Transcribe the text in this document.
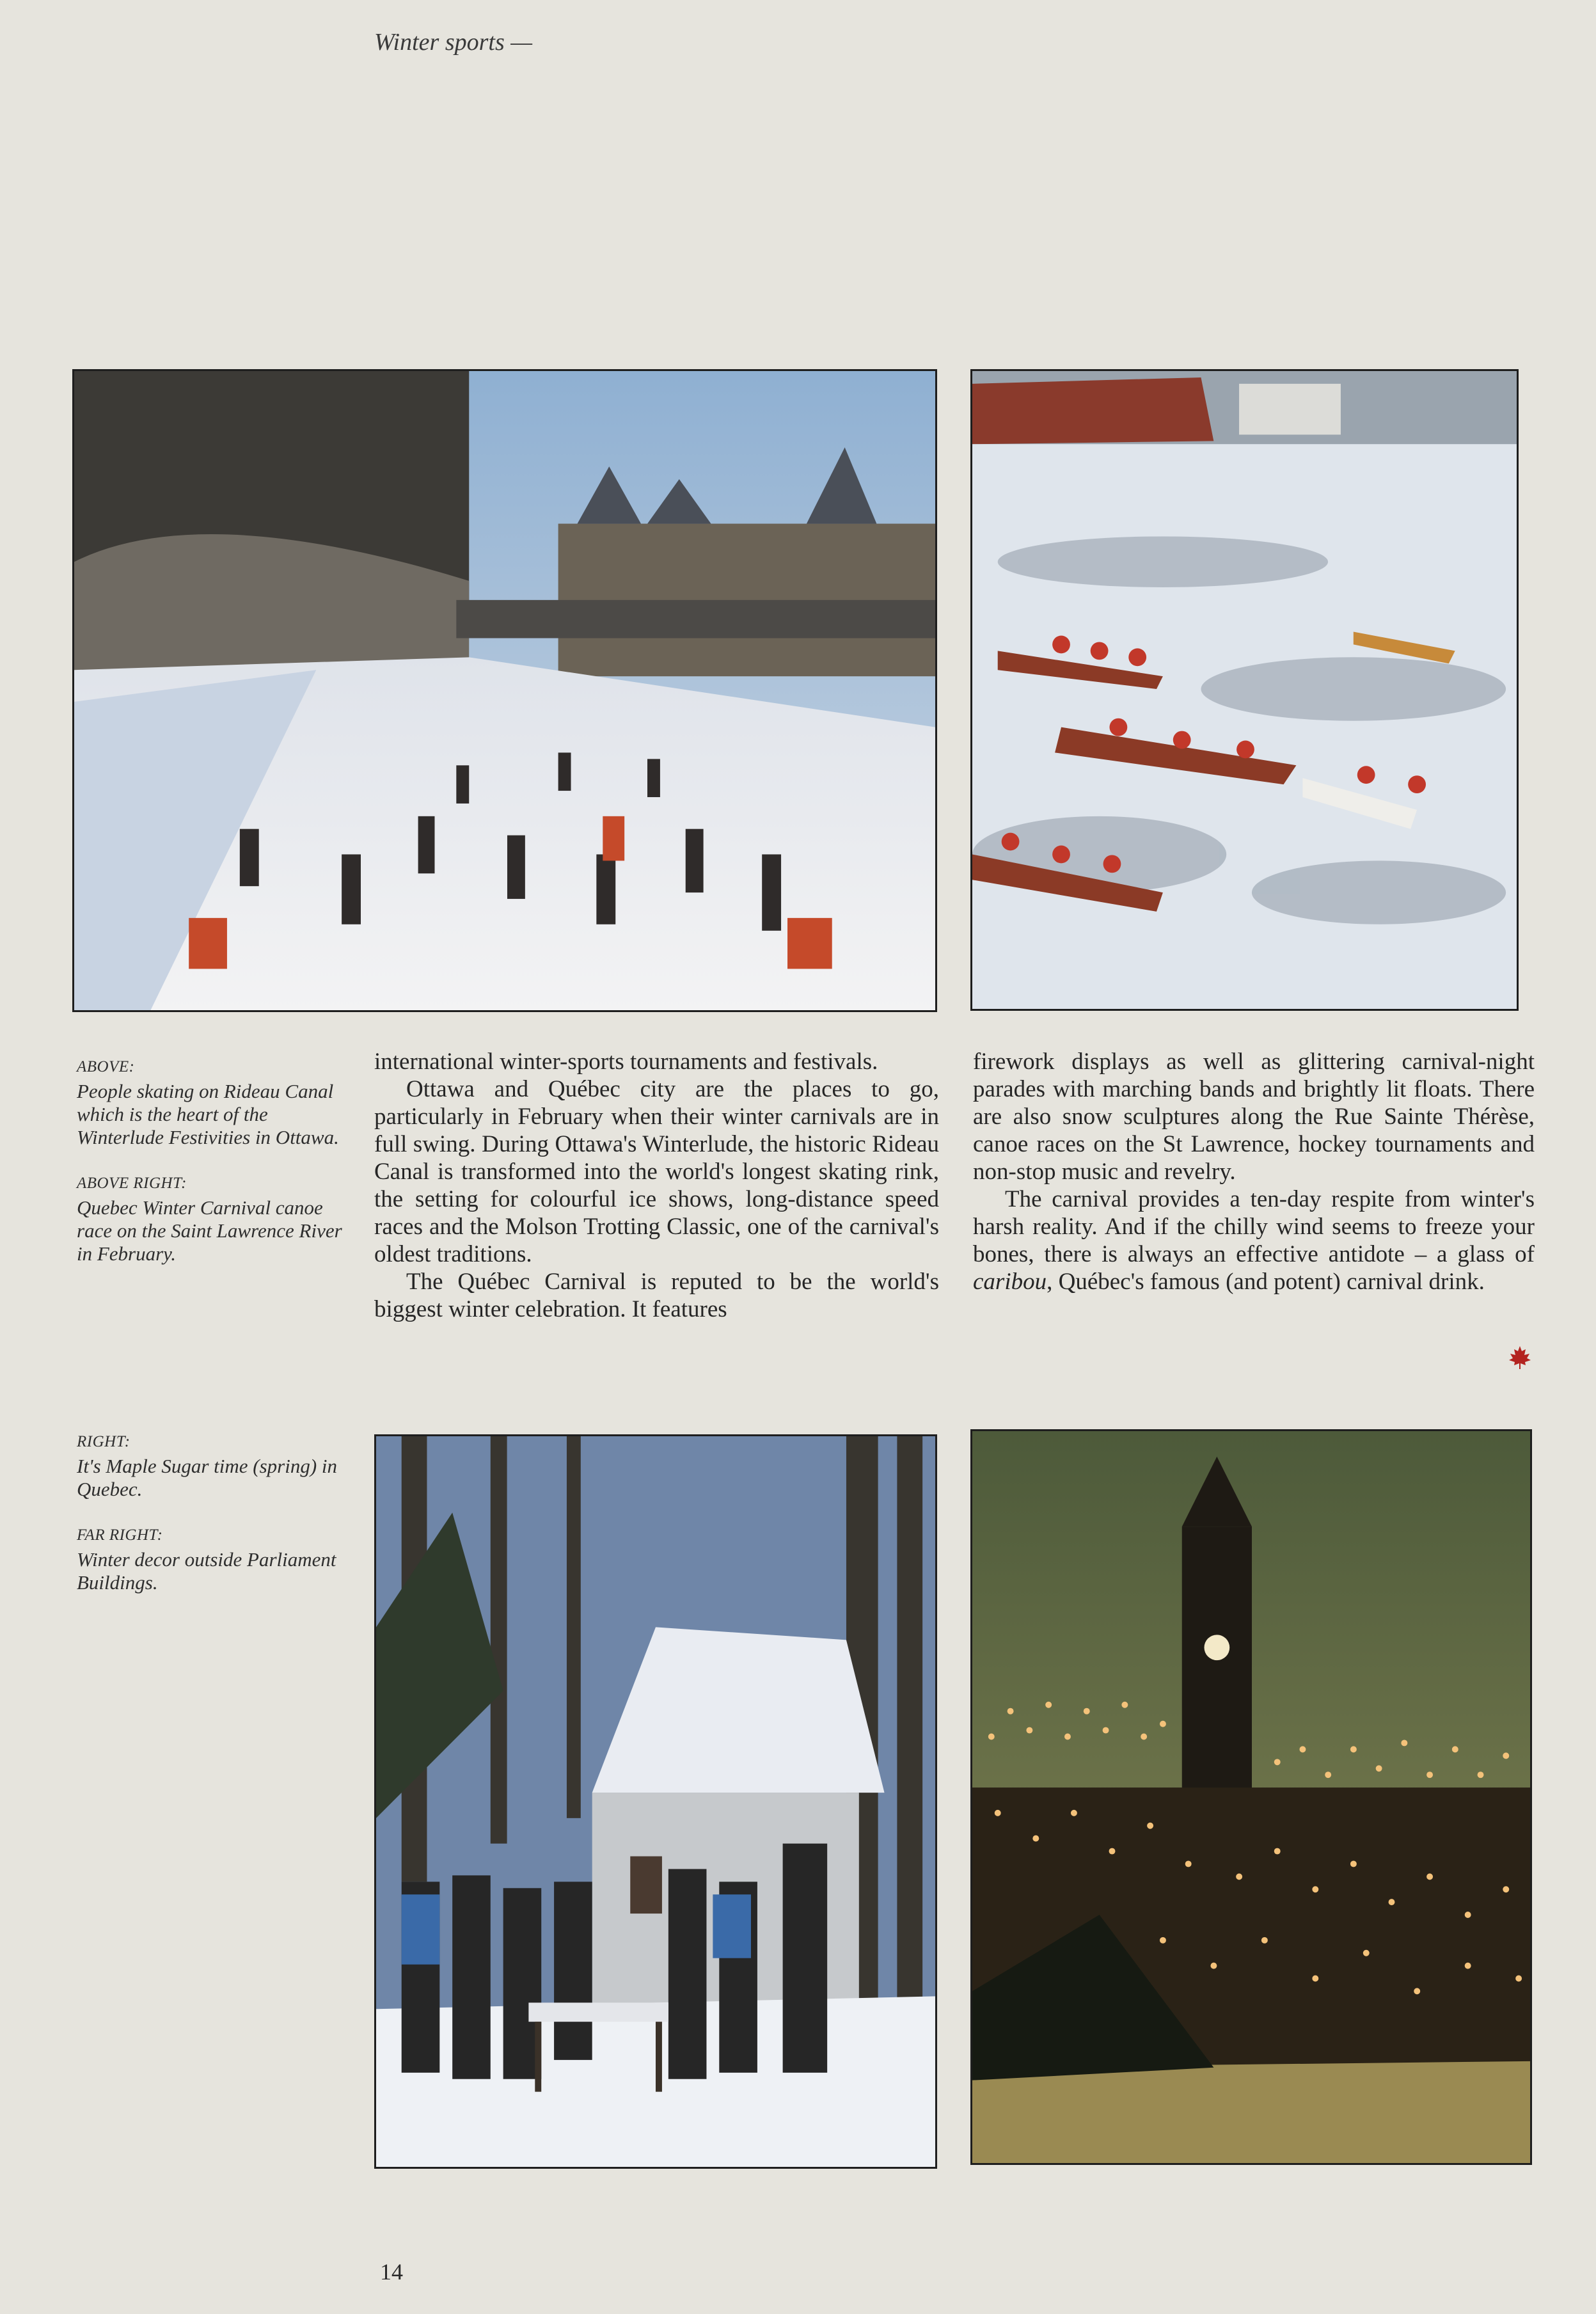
Winter sports —
ABOVE:
People skating on Rideau Canal which is the heart of the Winterlude Festivities in Ottawa.
ABOVE RIGHT:
Quebec Winter Carnival canoe race on the Saint Lawrence River in February.
RIGHT:
It's Maple Sugar time (spring) in Quebec.
FAR RIGHT:
Winter decor outside Parliament Buildings.

international winter-sports tournaments and festivals.

Ottawa and Québec city are the places to go, particularly in February when their winter carnivals are in full swing. During Ottawa's Winterlude, the historic Rideau Canal is transformed into the world's longest skating rink, the setting for colourful ice shows, long-distance speed races and the Molson Trotting Classic, one of the carnival's oldest traditions.

The Québec Carnival is reputed to be the world's biggest winter celebration. It features

firework displays as well as glittering carnival-night parades with marching bands and brightly lit floats. There are also snow sculptures along the Rue Sainte Thérèse, canoe races on the St Lawrence, hockey tournaments and non-stop music and revelry.

The carnival provides a ten-day respite from winter's harsh reality. And if the chilly wind seems to freeze your bones, there is always an effective antidote – a glass of caribou, Québec's famous (and potent) carnival drink.

14
